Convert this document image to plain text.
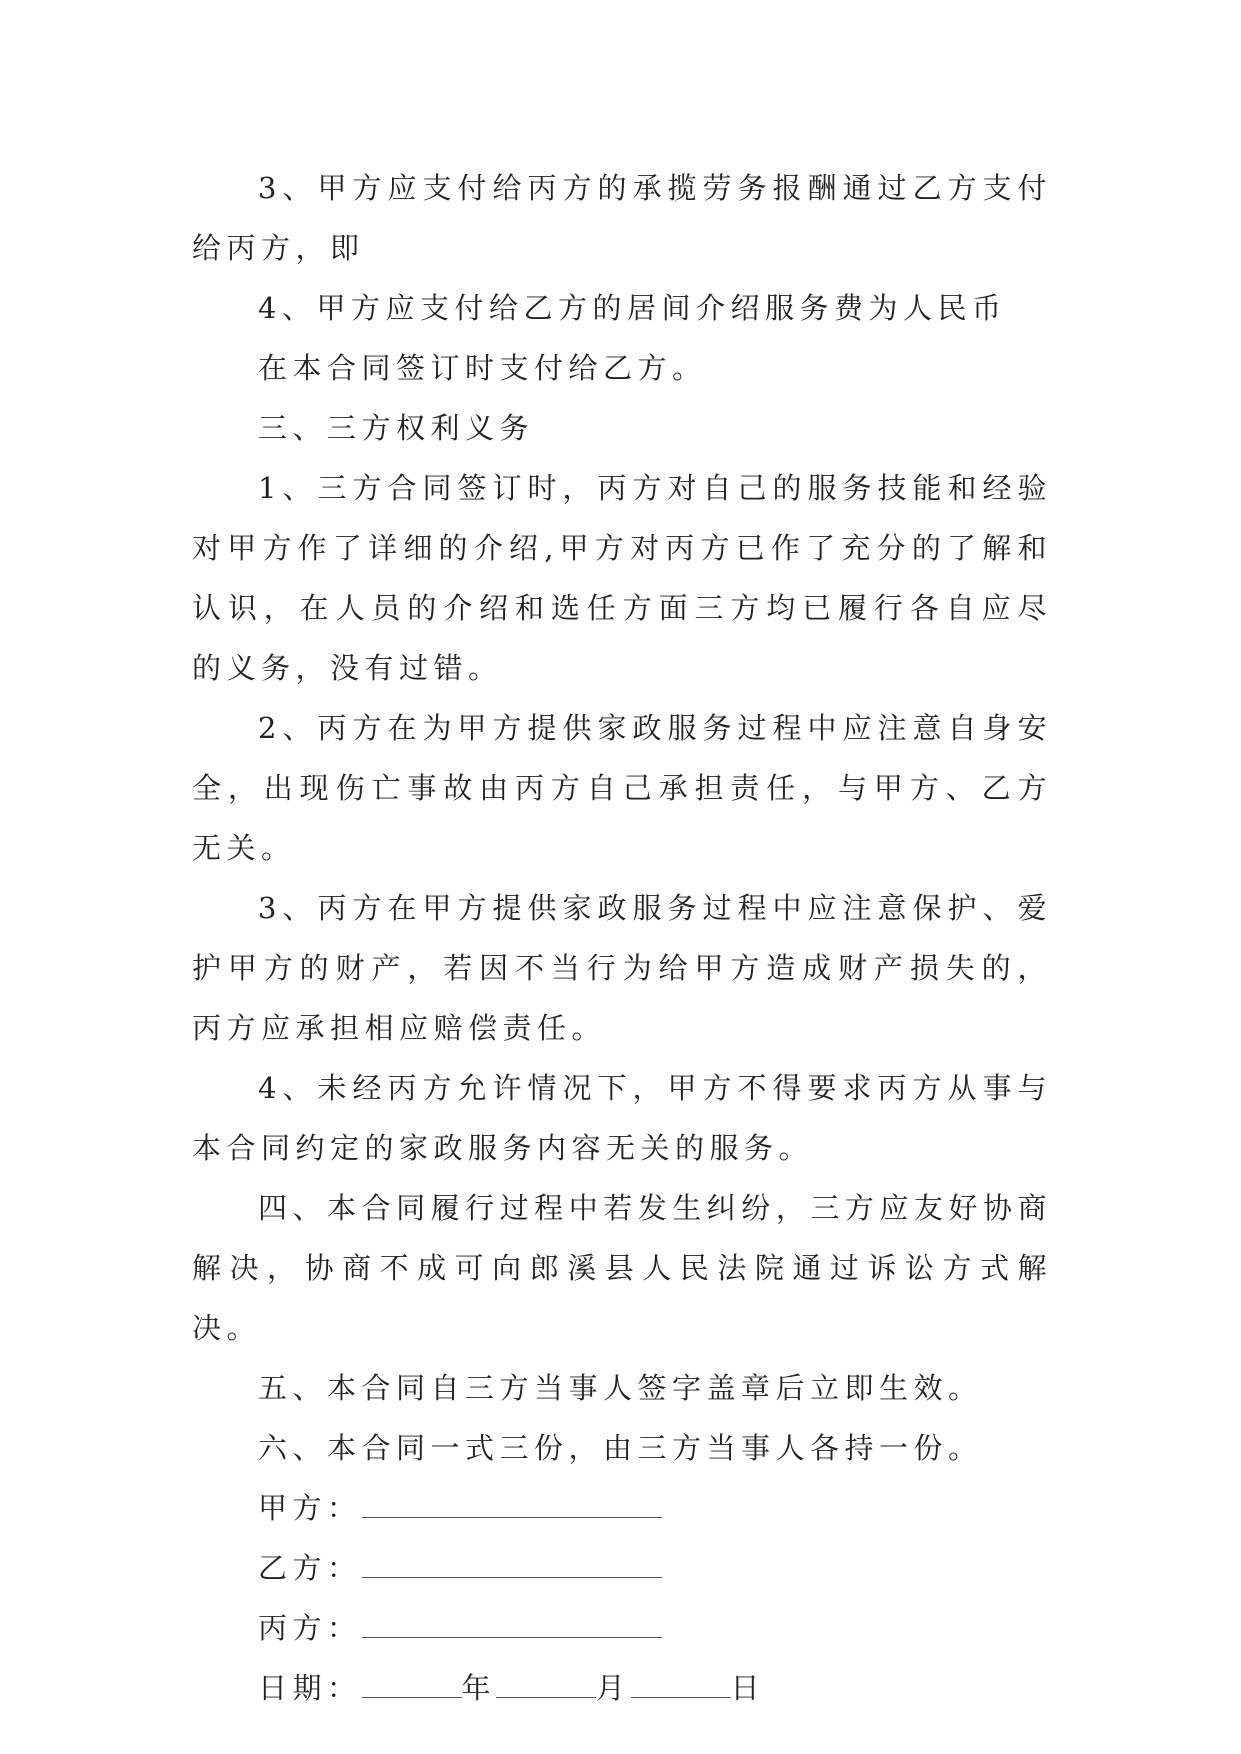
3、甲方应支付给丙方的承揽劳务报酬通过乙方支付给丙方，即

4、甲方应支付给乙方的居间介绍服务费为人民币

在本合同签订时支付给乙方。

三、三方权利义务

1、三方合同签订时，丙方对自己的服务技能和经验对甲方作了详细的介绍,甲方对丙方已作了充分的了解和认识，在人员的介绍和选任方面三方均已履行各自应尽的义务，没有过错。

2、丙方在为甲方提供家政服务过程中应注意自身安全，出现伤亡事故由丙方自己承担责任，与甲方、乙方无关。

3、丙方在甲方提供家政服务过程中应注意保护、爱护甲方的财产，若因不当行为给甲方造成财产损失的，丙方应承担相应赔偿责任。

4、未经丙方允许情况下，甲方不得要求丙方从事与本合同约定的家政服务内容无关的服务。

四、本合同履行过程中若发生纠纷，三方应友好协商解决，协商不成可向郎溪县人民法院通过诉讼方式解决。

五、本合同自三方当事人签字盖章后立即生效。

六、本合同一式三份，由三方当事人各持一份。

甲方：
乙方：
丙方：
日期：	年	月	日
